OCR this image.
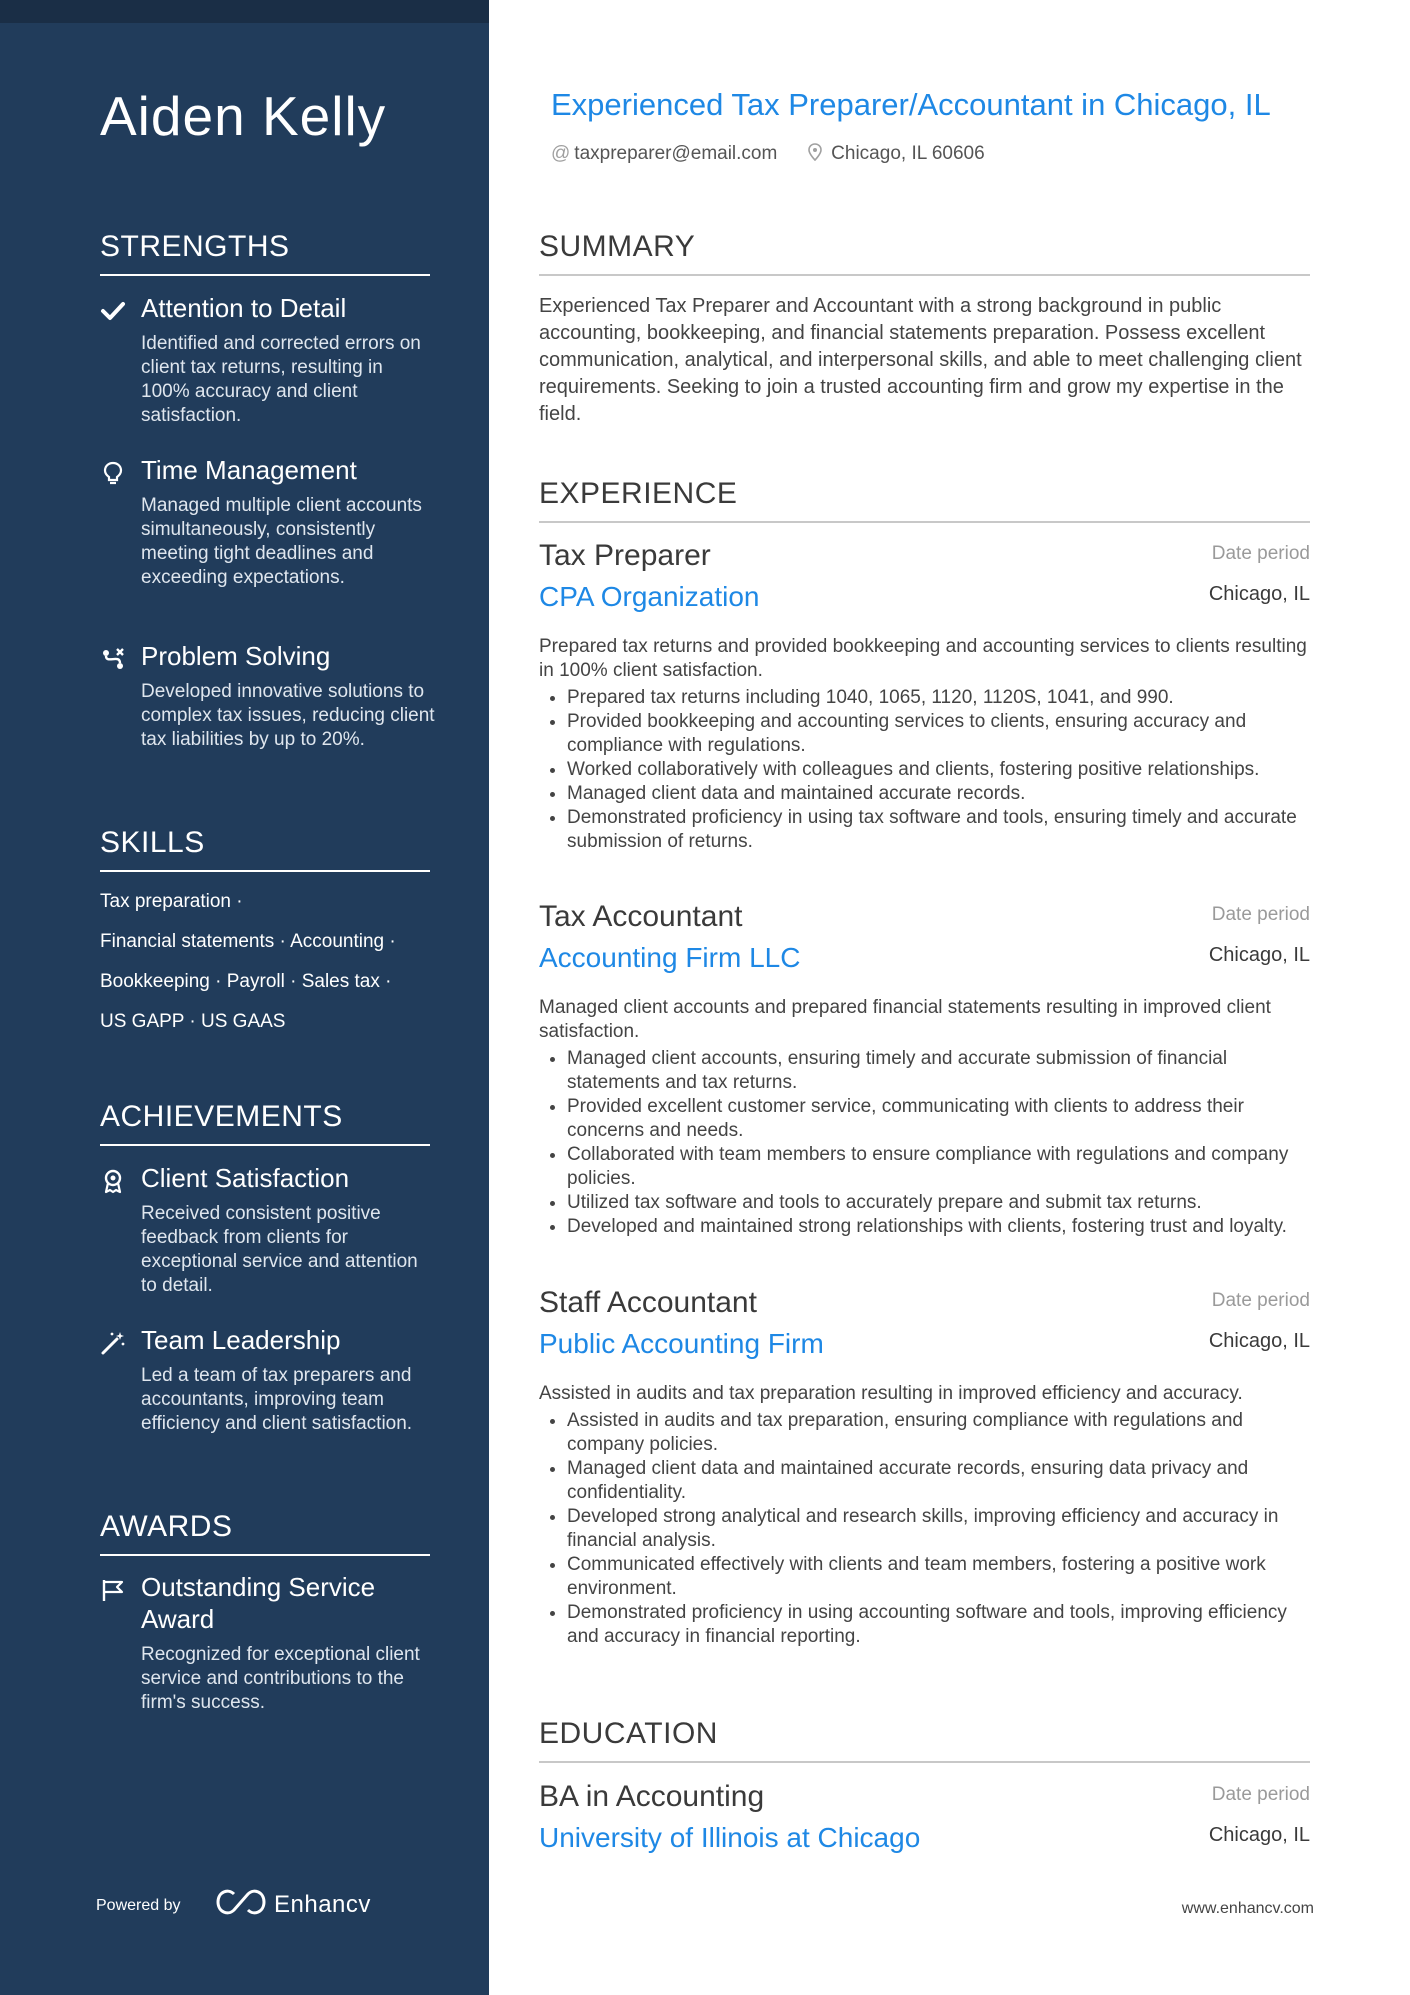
Aiden Kelly
STRENGTHS
Attention to Detail
Identified and corrected errors on client tax returns, resulting in 100% accuracy and client satisfaction.
Time Management
Managed multiple client accounts simultaneously, consistently meeting tight deadlines and exceeding expectations.
Problem Solving
Developed innovative solutions to complex tax issues, reducing client tax liabilities by up to 20%.
SKILLS
Tax preparation ·
Financial statements · Accounting ·
Bookkeeping · Payroll · Sales tax ·
US GAPP · US GAAS
ACHIEVEMENTS
Client Satisfaction
Received consistent positive feedback from clients for exceptional service and attention to detail.
Team Leadership
Led a team of tax preparers and accountants, improving team efficiency and client satisfaction.
AWARDS
Outstanding Service Award
Recognized for exceptional client service and contributions to the firm's success.
Powered by	Enhancv
Experienced Tax Preparer/Accountant in Chicago, IL
@ taxpreparer@email.com	Chicago, IL 60606
SUMMARY
Experienced Tax Preparer and Accountant with a strong background in public accounting, bookkeeping, and financial statements preparation. Possess excellent communication, analytical, and interpersonal skills, and able to meet challenging client requirements. Seeking to join a trusted accounting firm and grow my expertise in the field.
EXPERIENCE
Tax Preparer	Date period
CPA Organization	Chicago, IL
Prepared tax returns and provided bookkeeping and accounting services to clients resulting in 100% client satisfaction.
• Prepared tax returns including 1040, 1065, 1120, 1120S, 1041, and 990.
• Provided bookkeeping and accounting services to clients, ensuring accuracy and compliance with regulations.
• Worked collaboratively with colleagues and clients, fostering positive relationships.
• Managed client data and maintained accurate records.
• Demonstrated proficiency in using tax software and tools, ensuring timely and accurate submission of returns.
Tax Accountant	Date period
Accounting Firm LLC	Chicago, IL
Managed client accounts and prepared financial statements resulting in improved client satisfaction.
• Managed client accounts, ensuring timely and accurate submission of financial statements and tax returns.
• Provided excellent customer service, communicating with clients to address their concerns and needs.
• Collaborated with team members to ensure compliance with regulations and company policies.
• Utilized tax software and tools to accurately prepare and submit tax returns.
• Developed and maintained strong relationships with clients, fostering trust and loyalty.
Staff Accountant	Date period
Public Accounting Firm	Chicago, IL
Assisted in audits and tax preparation resulting in improved efficiency and accuracy.
• Assisted in audits and tax preparation, ensuring compliance with regulations and company policies.
• Managed client data and maintained accurate records, ensuring data privacy and confidentiality.
• Developed strong analytical and research skills, improving efficiency and accuracy in financial analysis.
• Communicated effectively with clients and team members, fostering a positive work environment.
• Demonstrated proficiency in using accounting software and tools, improving efficiency and accuracy in financial reporting.
EDUCATION
BA in Accounting	Date period
University of Illinois at Chicago	Chicago, IL
www.enhancv.com
